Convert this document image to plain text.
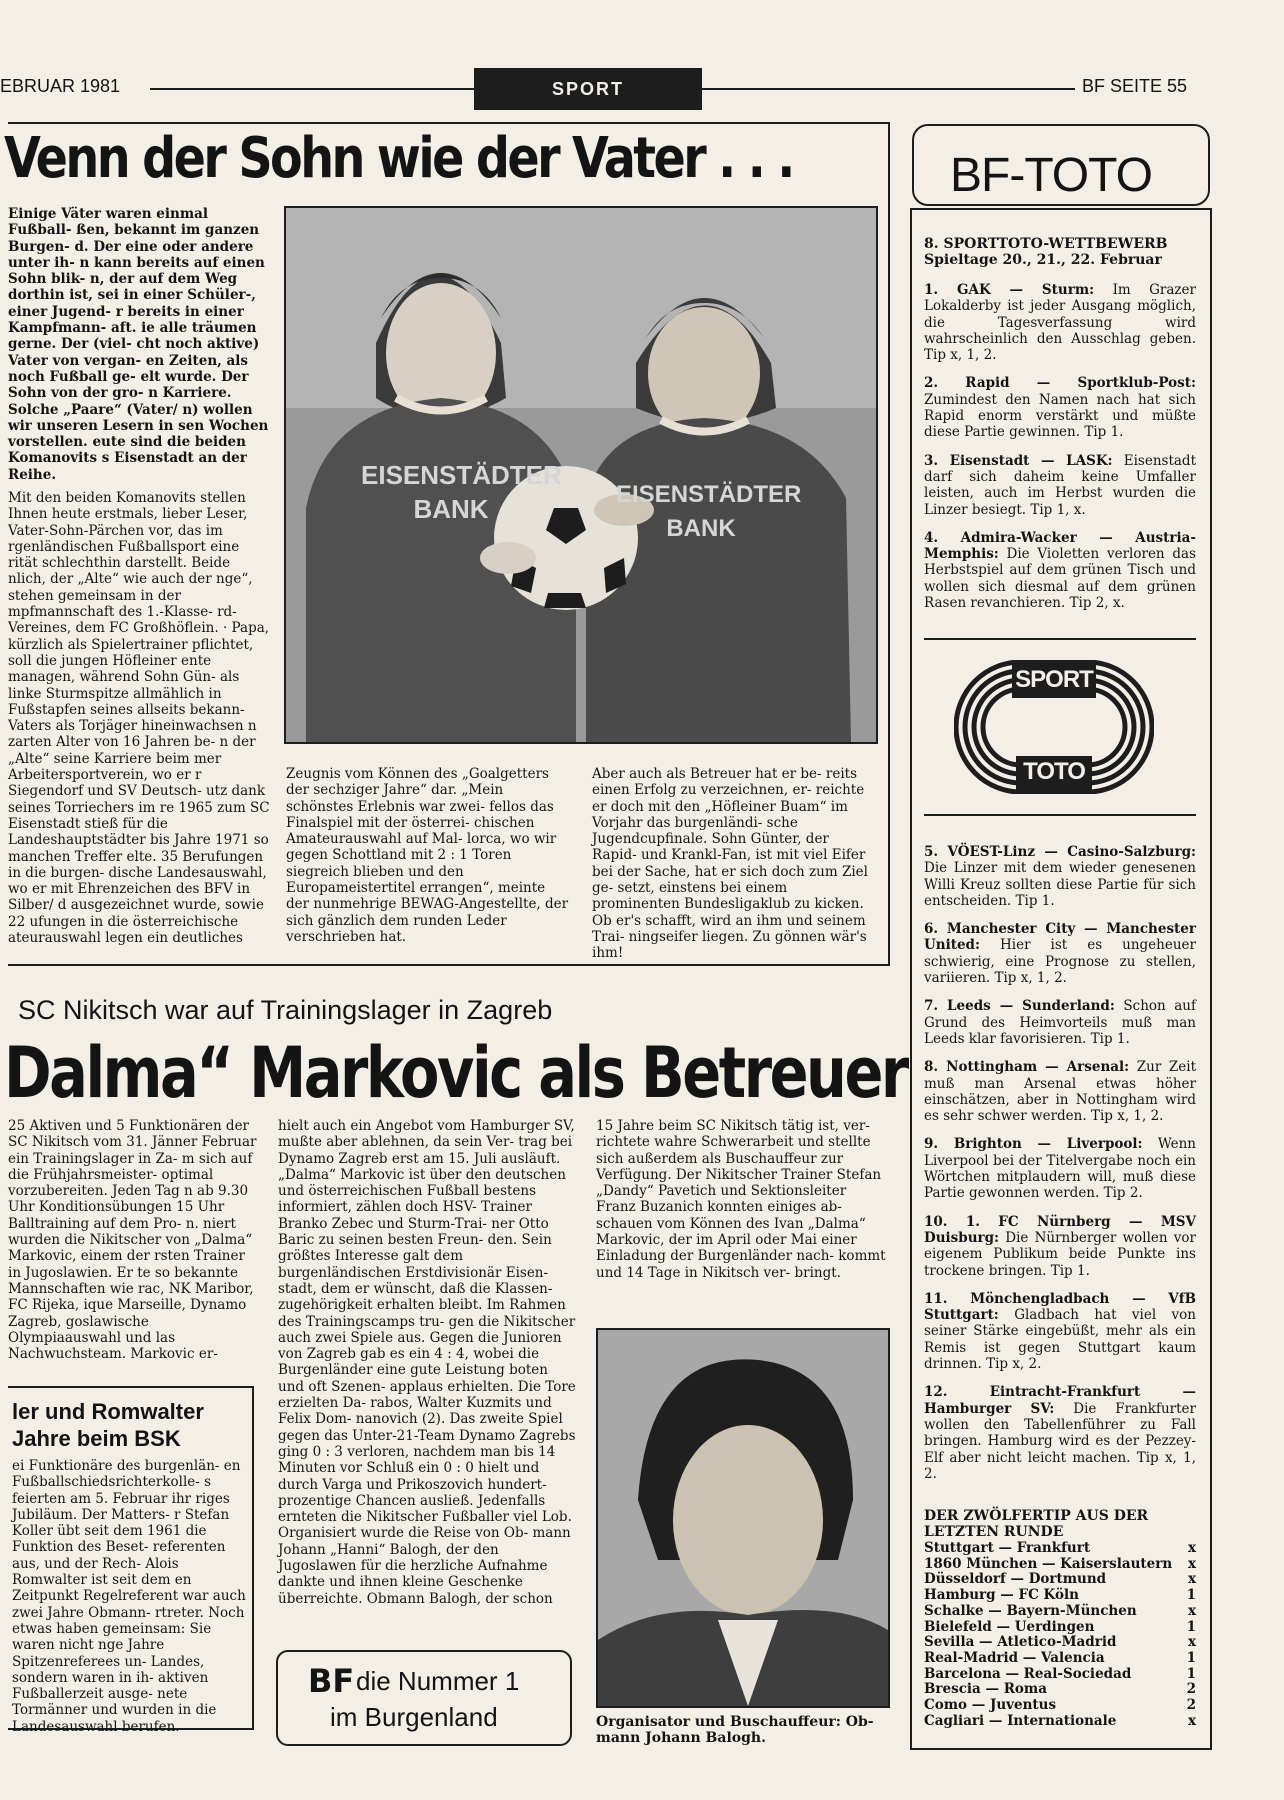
EBRUAR 1981	SPORT	BF SEITE 55
Venn der Sohn wie der Vater . . .
Einige Väter waren einmal Fußball- ßen, bekannt im ganzen Burgen- d. Der eine oder andere unter ih- n kann bereits auf einen Sohn blik- n, der auf dem Weg dorthin ist, sei in einer Schüler-, einer Jugend- r bereits in einer Kampfmann- aft. ie alle träumen gerne. Der (viel- cht noch aktive) Vater von vergan- en Zeiten, als noch Fußball ge- elt wurde. Der Sohn von der gro- n Karriere. Solche „Paare“ (Vater/ n) wollen wir unseren Lesern in sen Wochen vorstellen. eute sind die beiden Komanovits s Eisenstadt an der Reihe.
Mit den beiden Komanovits stellen Ihnen heute erstmals, lieber Leser, Vater-Sohn-Pärchen vor, das im rgenländischen Fußballsport eine rität schlechthin darstellt. Beide nlich, der „Alte“ wie auch der nge“, stehen gemeinsam in der mpfmannschaft des 1.-Klasse- rd-Vereines, dem FC Großhöflein. · Papa, kürzlich als Spielertrainer pflichtet, soll die jungen Höfleiner ente managen, während Sohn Gün- als linke Sturmspitze allmählich in Fußstapfen seines allseits bekann- Vaters als Torjäger hineinwachsen n zarten Alter von 16 Jahren be- n der „Alte“ seine Karriere beim mer Arbeitersportverein, wo er r Siegendorf und SV Deutsch- utz dank seines Torriechers im re 1965 zum SC Eisenstadt stieß für die Landeshauptstädter bis Jahre 1971 so manchen Treffer elte. 35 Berufungen in die burgen- dische Landesauswahl, wo er mit Ehrenzeichen des BFV in Silber/ d ausgezeichnet wurde, sowie 22 ufungen in die österreichische ateurauswahl legen ein deutliches
EISENSTÄDTER
BANK	EISENSTÄDTER
BANK
Zeugnis vom Können des „Goalgetters der sechziger Jahre“ dar. „Mein schönstes Erlebnis war zwei- fellos das Finalspiel mit der österrei- chischen Amateurauswahl auf Mal- lorca, wo wir gegen Schottland mit 2 : 1 Toren siegreich blieben und den Europameistertitel errangen“, meinte der nunmehrige BEWAG-Angestellte, der sich gänzlich dem runden Leder verschrieben hat.
Aber auch als Betreuer hat er be- reits einen Erfolg zu verzeichnen, er- reichte er doch mit den „Höfleiner Buam“ im Vorjahr das burgenländi- sche Jugendcupfinale. Sohn Günter, der Rapid- und Krankl-Fan, ist mit viel Eifer bei der Sache, hat er sich doch zum Ziel ge- setzt, einstens bei einem prominenten Bundesligaklub zu kicken. Ob er's schafft, wird an ihm und seinem Trai- ningseifer liegen. Zu gönnen wär's ihm!
SC Nikitsch war auf Trainingslager in Zagreb
Dalma“ Markovic als Betreuer
25 Aktiven und 5 Funktionären der SC Nikitsch vom 31. Jänner Februar ein Trainingslager in Za- m sich auf die Frühjahrsmeister- optimal vorzubereiten. Jeden Tag n ab 9.30 Uhr Konditionsübungen 15 Uhr Balltraining auf dem Pro- n. niert wurden die Nikitscher von „Dalma“ Markovic, einem der rsten Trainer in Jugoslawien. Er te so bekannte Mannschaften wie rac, NK Maribor, FC Rijeka, ique Marseille, Dynamo Zagreb, goslawische Olympiaauswahl und las Nachwuchsteam. Markovic er-
hielt auch ein Angebot vom Hamburger SV, mußte aber ablehnen, da sein Ver- trag bei Dynamo Zagreb erst am 15. Juli ausläuft. „Dalma“ Markovic ist über den deutschen und österreichischen Fußball bestens informiert, zählen doch HSV- Trainer Branko Zebec und Sturm-Trai- ner Otto Baric zu seinen besten Freun- den. Sein größtes Interesse galt dem burgenländischen Erstdivisionär Eisen- stadt, dem er wünscht, daß die Klassen- zugehörigkeit erhalten bleibt. Im Rahmen des Trainingscamps tru- gen die Nikitscher auch zwei Spiele aus. Gegen die Junioren von Zagreb gab es ein 4 : 4, wobei die Burgenländer eine gute Leistung boten und oft Szenen- applaus erhielten. Die Tore erzielten Da- rabos, Walter Kuzmits und Felix Dom- nanovich (2). Das zweite Spiel gegen das Unter-21-Team Dynamo Zagrebs ging 0 : 3 verloren, nachdem man bis 14 Minuten vor Schluß ein 0 : 0 hielt und durch Varga und Prikoszovich hundert- prozentige Chancen ausließ. Jedenfalls ernteten die Nikitscher Fußballer viel Lob. Organisiert wurde die Reise von Ob- mann Johann „Hanni“ Balogh, der den Jugoslawen für die herzliche Aufnahme dankte und ihnen kleine Geschenke überreichte. Obmann Balogh, der schon
15 Jahre beim SC Nikitsch tätig ist, ver- richtete wahre Schwerarbeit und stellte sich außerdem als Buschauffeur zur Verfügung. Der Nikitscher Trainer Stefan „Dandy“ Pavetich und Sektionsleiter Franz Buzanich konnten einiges ab- schauen vom Können des Ivan „Dalma“ Markovic, der im April oder Mai einer Einladung der Burgenländer nach- kommt und 14 Tage in Nikitsch ver- bringt.
Organisator und Buschauffeur: Ob- mann Johann Balogh.
ler und Romwalter
Jahre beim BSK
ei Funktionäre des burgenlän- en Fußballschiedsrichterkolle- s feierten am 5. Februar ihr riges Jubiläum. Der Matters- r Stefan Koller übt seit dem 1961 die Funktion des Beset- referenten aus, und der Rech- Alois Romwalter ist seit dem en Zeitpunkt Regelreferent war auch zwei Jahre Obmann- rtreter. Noch etwas haben gemeinsam: Sie waren nicht nge Jahre Spitzenreferees un- Landes, sondern waren in ih- aktiven Fußballerzeit ausge- nete Tormänner und wurden in die Landesauswahl berufen.
BF die Nummer 1
im Burgenland
BF-TOTO
8. SPORTTOTO-WETTBEWERB
Spieltage 20., 21., 22. Februar

1. GAK — Sturm: Im Grazer Lokalderby ist jeder Ausgang möglich, die Tagesverfassung wird wahrscheinlich den Ausschlag geben. Tip x, 1, 2.

2. Rapid — Sportklub-Post: Zumindest den Namen nach hat sich Rapid enorm verstärkt und müßte diese Partie gewinnen. Tip 1.

3. Eisenstadt — LASK: Eisenstadt darf sich daheim keine Umfaller leisten, auch im Herbst wurden die Linzer besiegt. Tip 1, x.

4. Admira-Wacker — Austria-Memphis: Die Violetten verloren das Herbstspiel auf dem grünen Tisch und wollen sich diesmal auf dem grünen Rasen revanchieren. Tip 2, x.

SPORT
TOTO

5. VÖEST-Linz — Casino-Salzburg: Die Linzer mit dem wieder genesenen Willi Kreuz sollten diese Partie für sich entscheiden. Tip 1.

6. Manchester City — Manchester United: Hier ist es ungeheuer schwierig, eine Prognose zu stellen, variieren. Tip x, 1, 2.

7. Leeds — Sunderland: Schon auf Grund des Heimvorteils muß man Leeds klar favorisieren. Tip 1.

8. Nottingham — Arsenal: Zur Zeit muß man Arsenal etwas höher einschätzen, aber in Nottingham wird es sehr schwer werden. Tip x, 1, 2.

9. Brighton — Liverpool: Wenn Liverpool bei der Titelvergabe noch ein Wörtchen mitplaudern will, muß diese Partie gewonnen werden. Tip 2.

10. 1. FC Nürnberg — MSV Duisburg: Die Nürnberger wollen vor eigenem Publikum beide Punkte ins trockene bringen. Tip 1.

11. Mönchengladbach — VfB Stuttgart: Gladbach hat viel von seiner Stärke eingebüßt, mehr als ein Remis ist gegen Stuttgart kaum drinnen. Tip x, 2.

12. Eintracht-Frankfurt — Hamburger SV: Die Frankfurter wollen den Tabellenführer zu Fall bringen. Hamburg wird es der Pezzey-Elf aber nicht leicht machen. Tip x, 1, 2.

DER ZWÖLFERTIP AUS DER LETZTEN RUNDE
Stuttgart — Frankfurt	x
1860 München — Kaiserslautern x
Düsseldorf — Dortmund	x
Hamburg — FC Köln	1
Schalke — Bayern-München	x
Bielefeld — Uerdingen	1
Sevilla — Atletico-Madrid	x
Real-Madrid — Valencia	1
Barcelona — Real-Sociedad	1
Brescia — Roma	2
Como — Juventus	2
Cagliari — Internationale	x
